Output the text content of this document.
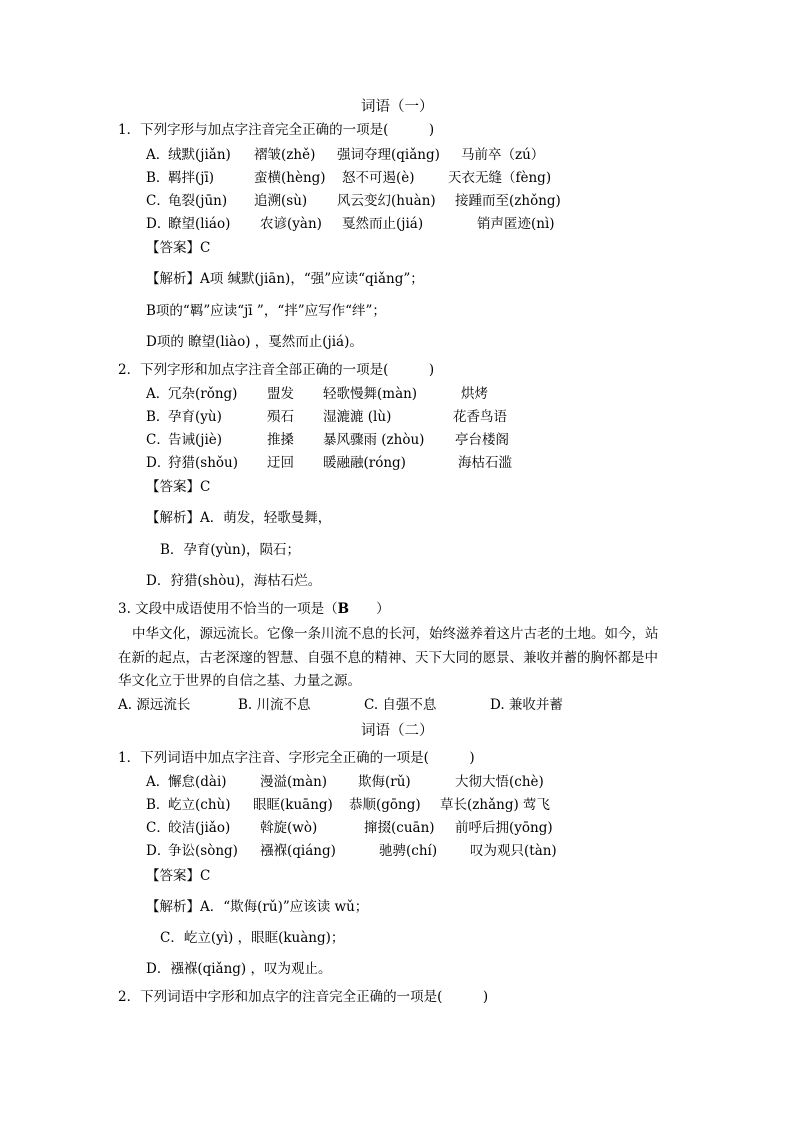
词语（一）
1．下列字形与加点字注音完全正确的一项是(　　　)
A．
绒默(jiǎn) 褶皱(zhě) 强词夺理(qiǎng) 马前卒（zú）
B．
羁拌(jī)	蛮横(hèng) 怒不可遏(è) 天衣无缝（fèng)
C．
龟裂(jūn) 追溯(sù) 风云变幻(huàn) 接踵而至(zhǒng)
D．
瞭望(liáo) 农谚(yàn) 戛然而止(jiá)	销声匿迹(nì)
【答案】C
【解析】A项 缄默(jiān)，“强”应读“qiǎng”；
B项的“羁”应读“jī ”，“拌”应写作“绊”；
D项的 瞭望(liào) ，戛然而止(jiá)。
2．下列字形和加点字注音全部正确的一项是(　　　)
A．
冗杂(rǒng) 盟发 轻歌慢舞(màn)	烘烤
B．
孕育(yù)	殒石 湿漉漉 (lù)	花香鸟语
C．
告诫(jiè)	推搡 暴风骤雨 (zhòu) 亭台楼阁
D．
狩猎(shǒu) 迂回 暖融融(róng)	海枯石滥
【答案】C
【解析】A．萌发，轻歌曼舞，
B．孕育(yùn)，陨石；
D．狩猎(shòu)，海枯石烂。
3. 文段中成语使用不恰当的一项是（B　　）
中华文化，源远流长。它像一条川流不息的长河，始终滋养着这片古老的土地。如今，站
在新的起点，古老深邃的智慧、自强不息的精神、天下大同的愿景、兼收并蓄的胸怀都是中
华文化立于世界的自信之基、力量之源。
A. 源远流长	B. 川流不息	C. 自强不息	D. 兼收并蓄
词语（二）
1．下列词语中加点字注音、字形完全正确的一项是(　　　)
A．
懈怠(dài) 漫溢(màn) 欺侮(rǔ)	大彻大悟(chè)
B．
屹立(chù) 眼眶(kuāng) 恭顺(gōng) 草长(zhǎng) 莺飞
C．
皎洁(jiǎo) 斡旋(wò)	撺掇(cuān) 前呼后拥(yōng)
D．
争讼(sòng) 襁褓(qiáng)	驰骋(chí) 叹为观只(tàn)
【答案】C
【解析】A．“欺侮(rǔ)”应该读 wǔ；
C．屹立(yì) ，眼眶(kuàng)；
D．襁褓(qiǎng) ，叹为观止。
2．下列词语中字形和加点字的注音完全正确的一项是(　　　)
